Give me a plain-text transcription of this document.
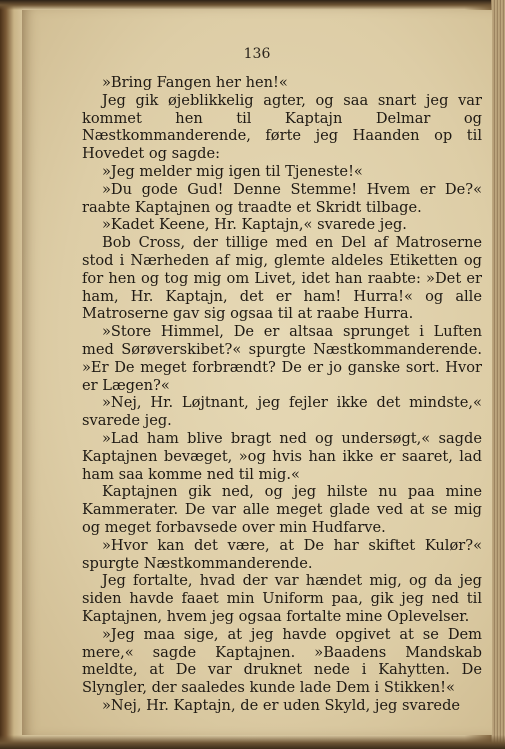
136

»Bring Fangen her hen!«

Jeg gik øjeblikkelig agter, og saa snart jeg var kommet hen til Kaptajn Delmar og Næstkommanderende, førte jeg Haanden op til Hovedet og sagde:

»Jeg melder mig igen til Tjeneste!«

»Du gode Gud! Denne Stemme! Hvem er De?« raabte Kaptajnen og traadte et Skridt tilbage.

»Kadet Keene, Hr. Kaptajn,« svarede jeg.

Bob Cross, der tillige med en Del af Matroserne stod i Nærheden af mig, glemte aldeles Etiketten og for hen og tog mig om Livet, idet han raabte: »Det er ham, Hr. Kaptajn, det er ham! Hurra!« og alle Matroserne gav sig ogsaa til at raabe Hurra.

»Store Himmel, De er altsaa sprunget i Luften med Sørøverskibet?« spurgte Næstkommanderende. »Er De meget forbrændt? De er jo ganske sort. Hvor er Lægen?«

»Nej, Hr. Løjtnant, jeg fejler ikke det mindste,« svarede jeg.

»Lad ham blive bragt ned og undersøgt,« sagde Kaptajnen bevæget, »og hvis han ikke er saaret, lad ham saa komme ned til mig.«

Kaptajnen gik ned, og jeg hilste nu paa mine Kammerater. De var alle meget glade ved at se mig og meget forbavsede over min Hudfarve.

»Hvor kan det være, at De har skiftet Kulør?« spurgte Næstkommanderende.

Jeg fortalte, hvad der var hændet mig, og da jeg siden havde faaet min Uniform paa, gik jeg ned til Kaptajnen, hvem jeg ogsaa fortalte mine Oplevelser.

»Jeg maa sige, at jeg havde opgivet at se Dem mere,« sagde Kaptajnen. »Baadens Mandskab meldte, at De var druknet nede i Kahytten. De Slyngler, der saaledes kunde lade Dem i Stikken!«

»Nej, Hr. Kaptajn, de er uden Skyld, jeg svarede
